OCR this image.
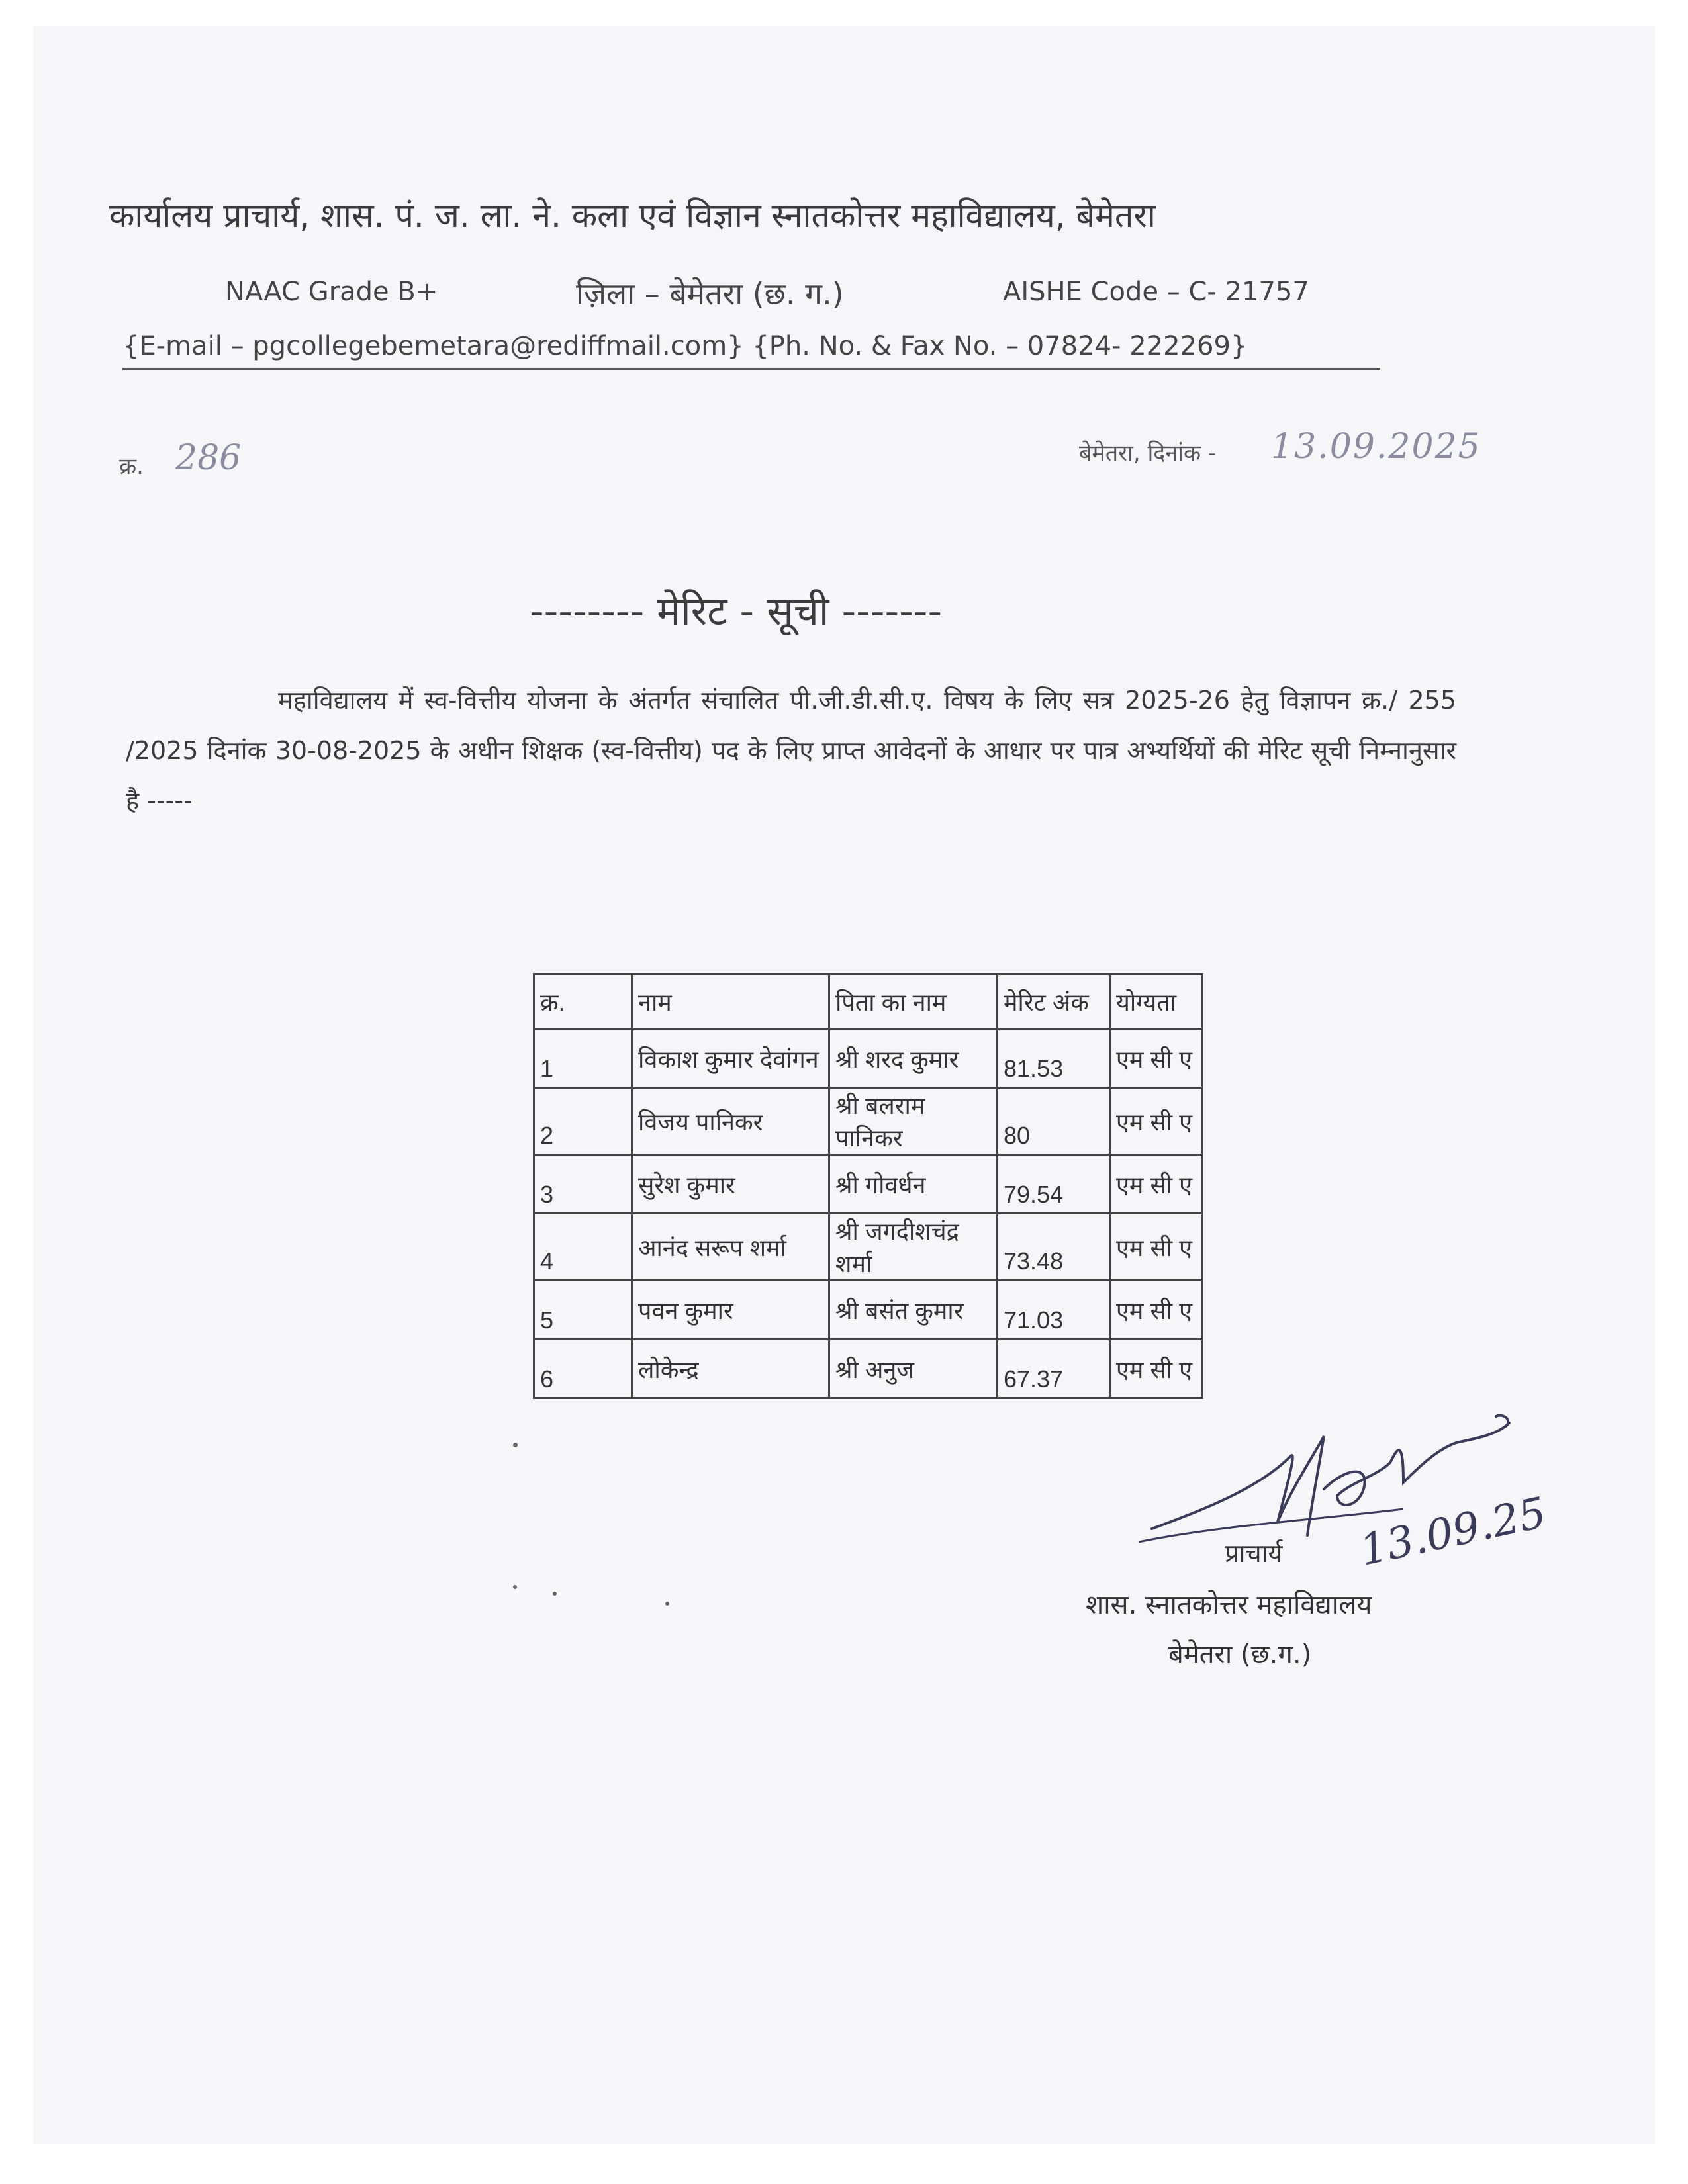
कार्यालय प्राचार्य, शास. पं. ज. ला. ने. कला एवं विज्ञान स्नातकोत्तर महाविद्यालय, बेमेतरा
NAAC Grade B+	ज़िला – बेमेतरा (छ. ग.)	AISHE Code – C- 21757
{E-mail – pgcollegebemetara@rediffmail.com} {Ph. No. & Fax No. – 07824- 222269}
क्र. 286	बेमेतरा, दिनांक - 13.09.2025
-------- मेरिट - सूची -------
महाविद्यालय में स्व-वित्तीय योजना के अंतर्गत संचालित पी.जी.डी.सी.ए. विषय के लिए सत्र 2025-26 हेतु विज्ञापन क्र./ 255 /2025 दिनांक 30-08-2025 के अधीन शिक्षक (स्व-वित्तीय) पद के लिए प्राप्त आवेदनों के आधार पर पात्र अभ्यर्थियों की मेरिट सूची निम्नानुसार है -----
क्र.	नाम	पिता का नाम	मेरिट अंक	योग्यता
1	विकाश कुमार देवांगन	श्री शरद कुमार	81.53	एम सी ए
2	विजय पानिकर	श्री बलराम पानिकर	80	एम सी ए
3	सुरेश कुमार	श्री गोवर्धन	79.54	एम सी ए
4	आनंद सरूप शर्मा	श्री जगदीशचंद्र शर्मा	73.48	एम सी ए
5	पवन कुमार	श्री बसंत कुमार	71.03	एम सी ए
6	लोकेन्द्र	श्री अनुज	67.37	एम सी ए
13.09.25
प्राचार्य
शास. स्नातकोत्तर महाविद्यालय
बेमेतरा (छ.ग.)
